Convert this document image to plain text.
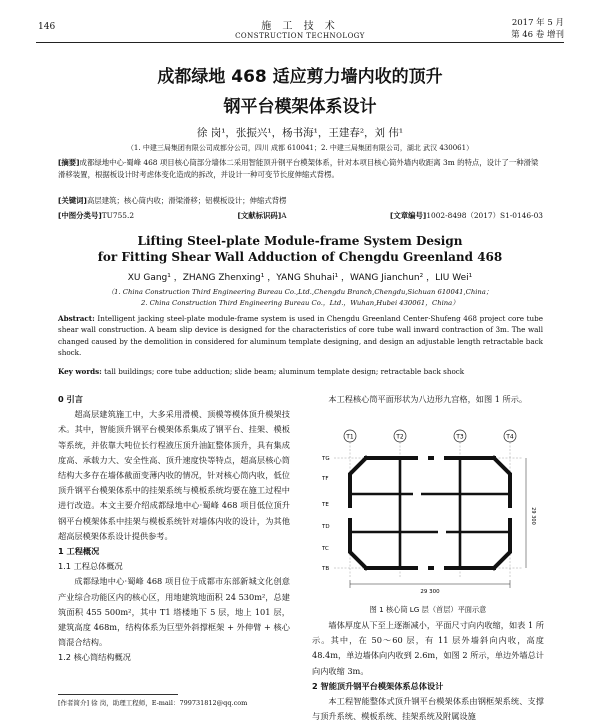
146	施 工 技 术
CONSTRUCTION TECHNOLOGY
2017 年 5 月
第 46 卷 增刊
成都绿地 468 适应剪力墙内收的顶升
钢平台模架体系设计
徐 岗¹，张振兴¹，杨书海¹，王建春²，刘 伟¹
（1. 中建三局集团有限公司成都分公司，四川 成都 610041；2. 中建三局集团有限公司，湖北 武汉 430061）
[摘要]成都绿地中心·蜀峰 468 项目核心筒部分墙体二采用智能顶升钢平台模架体系，针对本项目核心筒外墙内收距离 3m 的特点，设计了一种滑梁滑移装置，根据板设计时考虑体变化造成的拆改，并设计一种可变节长度伸缩式背楞。
[关键词]高层建筑；核心筒内收；滑梁滑移；铝模板设计；伸缩式背楞
[中图分类号]TU755.2	[文献标识码]A	[文章编号]1002-8498（2017）S1-0146-03
Lifting Steel-plate Module-frame System Design
for Fitting Shear Wall Adduction of Chengdu Greenland 468
XU Gang¹ ，ZHANG Zhenxing¹ ，YANG Shuhai¹ ，WANG Jianchun² ，LIU Wei¹
（1. China Construction Third Engineering Bureau Co.,Ltd.,Chengdu Branch,Chengdu,Sichuan 610041,China；
2. China Construction Third Engineering Bureau Co.，Ltd.，Wuhan,Hubei 430061，China）
Abstract: Intelligent jacking steel-plate module-frame system is used in Chengdu Greenland Center·Shufeng 468 project core tube shear wall construction. A beam slip device is designed for the characteristics of core tube wall inward contraction of 3m. The wall changed caused by the demolition in considered for aluminum template designing, and design an adjustable length retractable back shock.
Key words: tall buildings; core tube adduction; slide beam; aluminum template design; retractable back shock
0 引言

超高层建筑施工中，大多采用滑模、顶模等模体顶升模架技术。其中，智能顶升钢平台模架体系集成了钢平台、挂架、模板等系统，并依靠大吨位长行程液压顶升油缸整体顶升，具有集成度高、承载力大、安全性高、顶升速度快等特点，超高层核心筒结构大多存在墙体截面变薄内收的情况，针对核心筒内收，低位顶升钢平台模架体系中的挂架系统与模板系统均要在施工过程中进行改造。本文主要介绍成都绿地中心·蜀峰 468 项目低位顶升钢平台模架体系中挂架与模板系统针对墙体内收的设计，为其他超高层模架体系设计提供参考。

1 工程概况
1.1 工程总体概况

成都绿地中心·蜀峰 468 项目位于成都市东部新城文化创意产业综合功能区内的核心区，用地建筑地面积 24 530m²，总建筑面积 455 500m²，其中 T1 塔楼地下 5 层，地上 101 层，建筑高度 468m，结构体系为巨型外斜撑框架 + 外伸臂 + 核心筒混合结构。

1.2 核心筒结构概况
[作者简介] 徐 岗，助理工程师，E-mail：799731812@qq.com
本工程核心筒平面形状为八边形九宫格，如图 1 所示。
T1	T2	T3	T4
TG
TF
TE
TD
TC
TB
29 300
29 300
图 1 核心筒 LG 层（首层）平面示意

墙体厚度从下至上逐渐减小，平面尺寸向内收缩，如表 1 所示。其中，在 50～60 层，有 11 层外墙斜向内收，高度 48.4m，单边墙体向内收到 2.6m，如图 2 所示，单边外墙总计向内收缩 3m。

2 智能顶升钢平台模架体系总体设计

本工程智能整体式顶升钢平台模架体系由钢框架系统、支撑与顶升系统、模板系统、挂架系统及附属设施
